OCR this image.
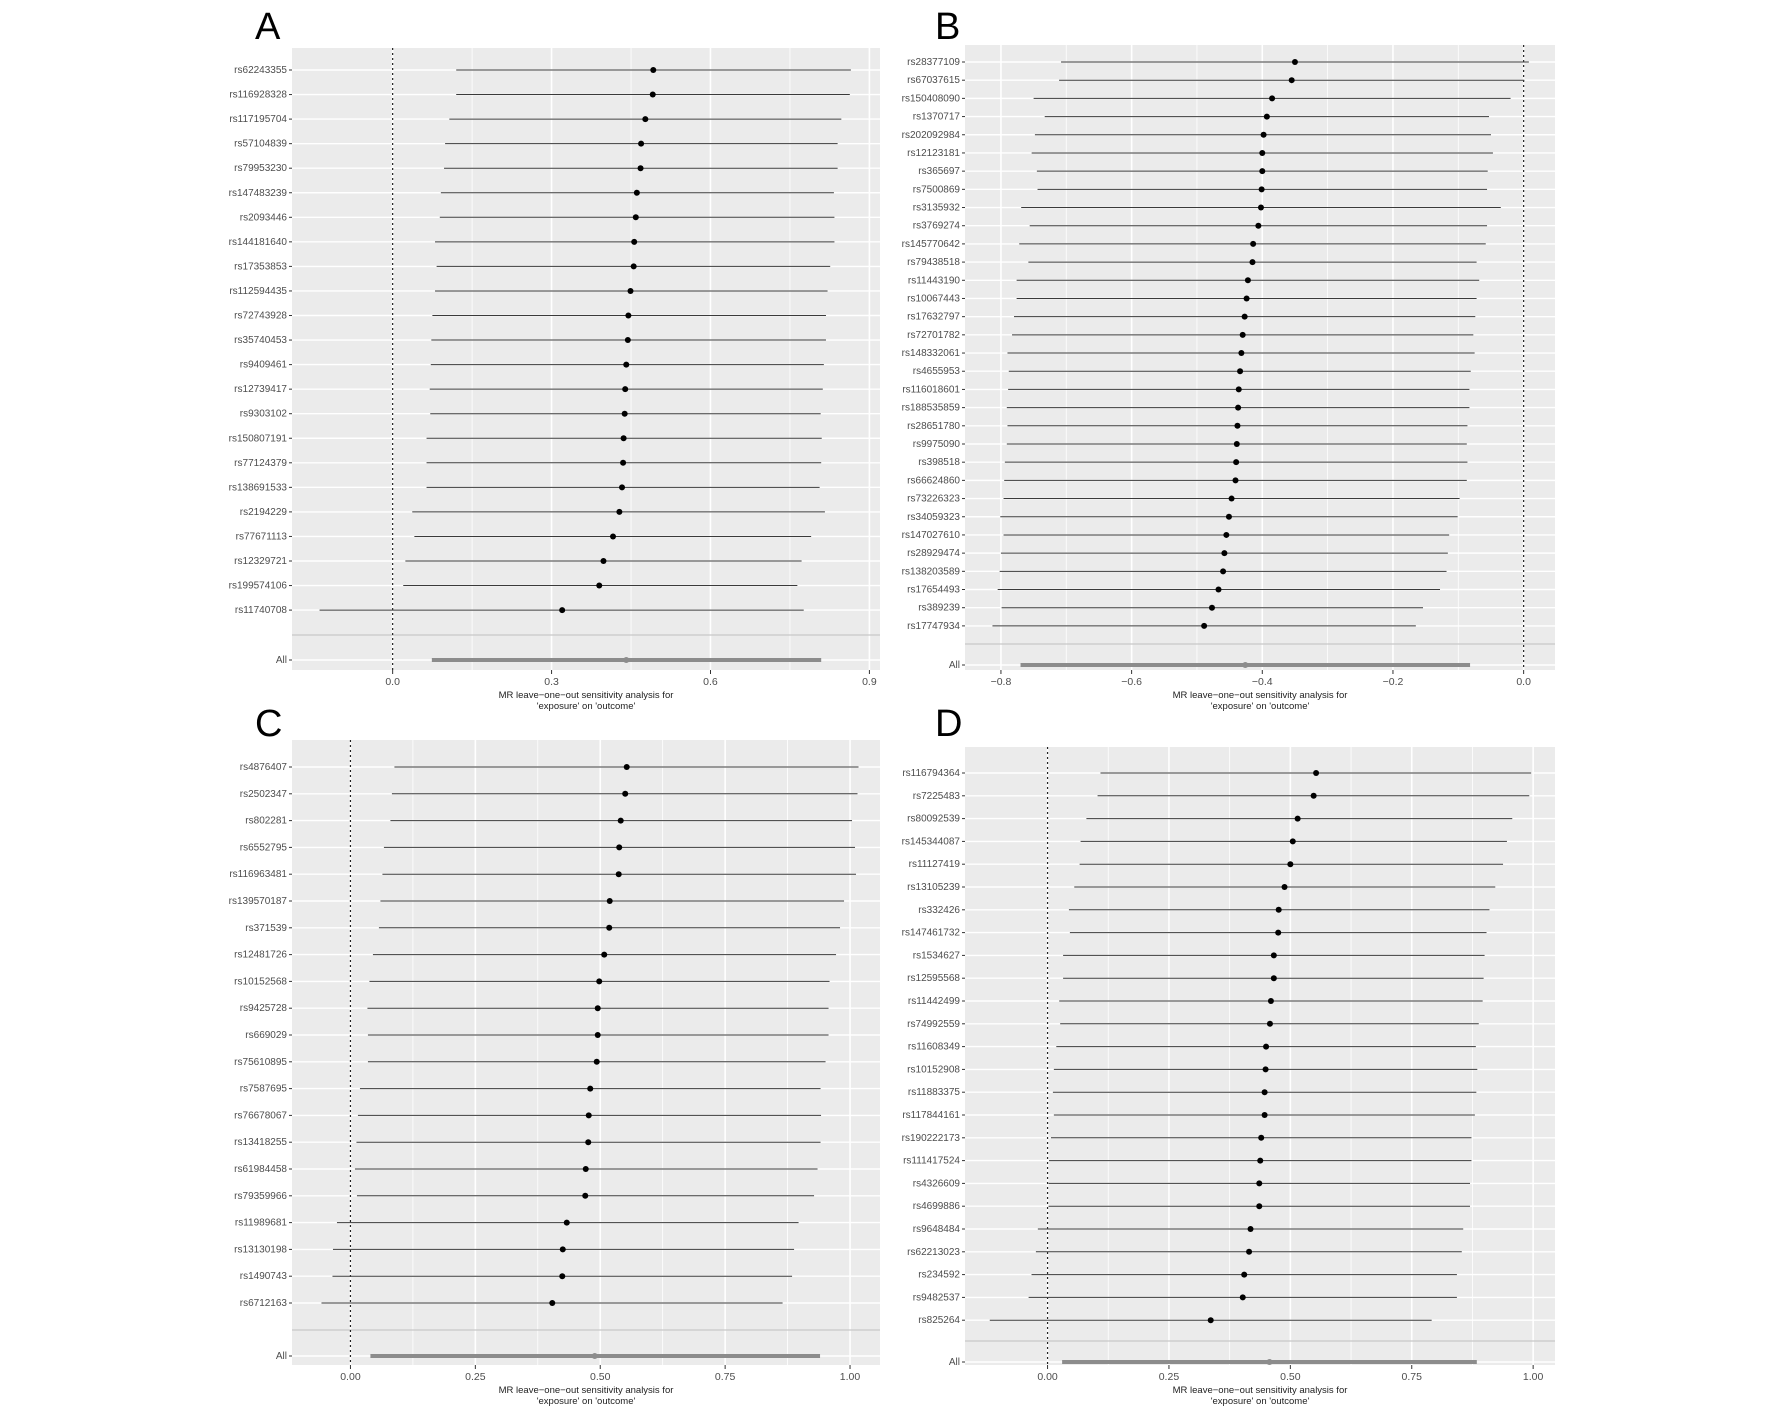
A	B
C	D
rs62243355
rs116928328
rs117195704
rs57104839
rs79953230
rs147483239
rs2093446
rs144181640
rs17353853
rs112594435
rs72743928
rs35740453
rs9409461
rs12739417
rs9303102
rs150807191
rs77124379
rs138691533
rs2194229
rs77671113
rs12329721
rs199574106
rs11740708
All
0.0	0.3	0.6	0.9
MR leave−one−out sensitivity analysis for
'exposure' on 'outcome'
rs28377109
rs67037615
rs150408090
rs1370717
rs202092984
rs12123181
rs365697
rs7500869
rs3135932
rs3769274
rs145770642
rs79438518
rs11443190
rs10067443
rs17632797
rs72701782
rs148332061
rs4655953
rs116018601
rs188535859
rs28651780
rs9975090
rs398518
rs66624860
rs73226323
rs34059323
rs147027610
rs28929474
rs138203589
rs17654493
rs389239
rs17747934
All
−0.8	−0.6	−0.4	−0.2	0.0
MR leave−one−out sensitivity analysis for
'exposure' on 'outcome'
rs4876407
rs2502347
rs802281
rs6552795
rs116963481
rs139570187
rs371539
rs12481726
rs10152568
rs9425728
rs669029
rs75610895
rs7587695
rs76678067
rs13418255
rs61984458
rs79359966
rs11989681
rs13130198
rs1490743
rs6712163
All
0.00	0.25	0.50	0.75	1.00
MR leave−one−out sensitivity analysis for
'exposure' on 'outcome'
rs116794364
rs7225483
rs80092539
rs145344087
rs11127419
rs13105239
rs332426
rs147461732
rs1534627
rs12595568
rs11442499
rs74992559
rs11608349
rs10152908
rs11883375
rs117844161
rs190222173
rs111417524
rs4326609
rs4699886
rs9648484
rs62213023
rs234592
rs9482537
rs825264
All
0.00	0.25	0.50	0.75	1.00
MR leave−one−out sensitivity analysis for
'exposure' on 'outcome'
